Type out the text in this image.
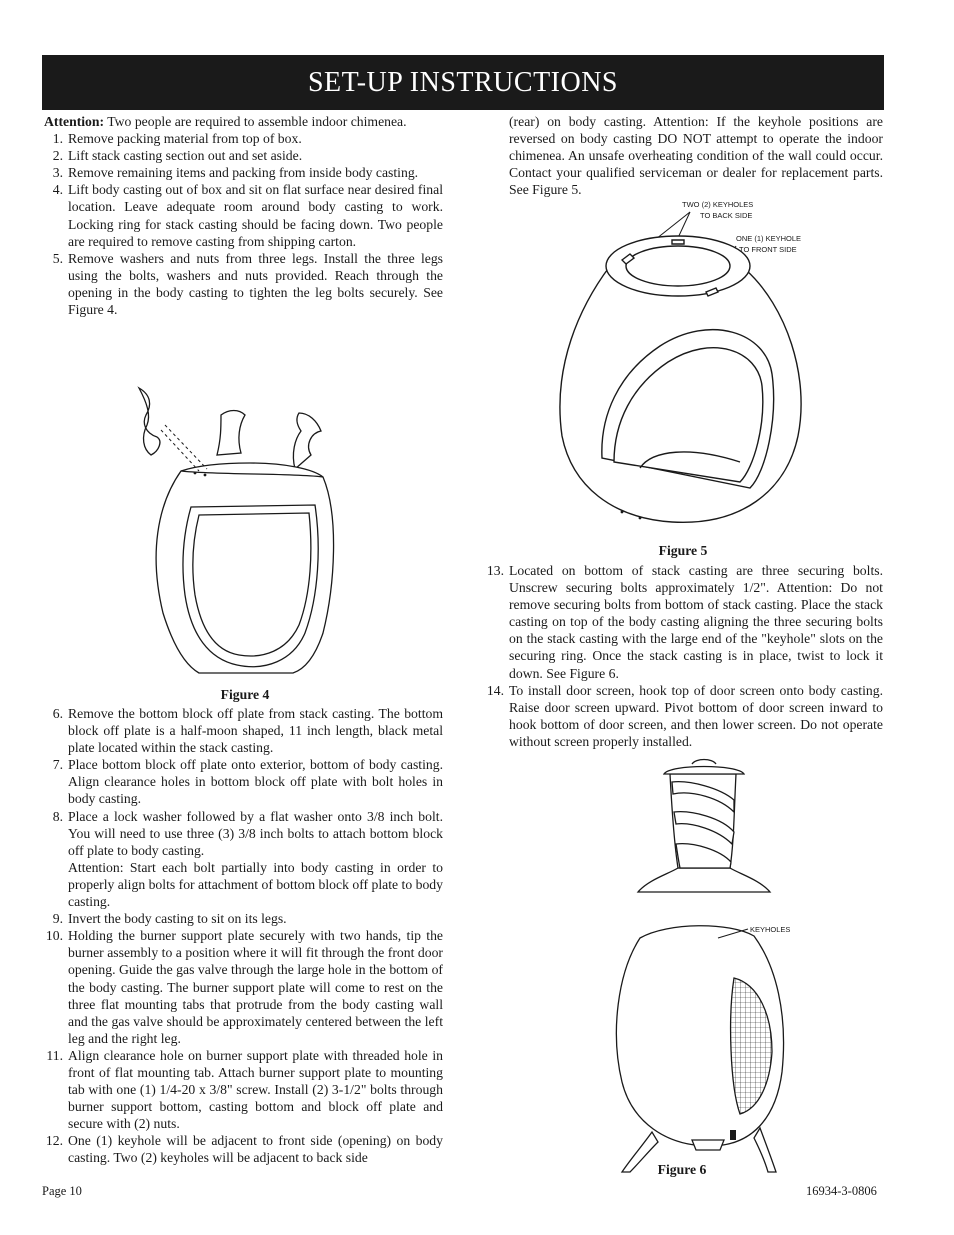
SET-UP INSTRUCTIONS

Attention: Two people are required to assemble indoor chimenea.

1. Remove packing material from top of box.
2. Lift stack casting section out and set aside.
3. Remove remaining items and packing from inside body casting.
4. Lift body casting out of box and sit on flat surface near desired final location. Leave adequate room around body casting to work. Locking ring for stack casting should be facing down. Two people are required to remove casting from shipping carton.
5. Remove washers and nuts from three legs. Install the three legs using the bolts, washers and nuts provided. Reach through the opening in the body casting to tighten the leg bolts securely. See Figure 4.
Figure 4
6. Remove the bottom block off plate from stack casting. The bottom block off plate is a half-moon shaped, 11 inch length, black metal plate located within the stack casting.
7. Place bottom block off plate onto exterior, bottom of body casting. Align clearance holes in bottom block off plate with bolt holes in body casting.
8. Place a lock washer followed by a flat washer onto 3/8 inch bolt. You will need to use three (3) 3/8 inch bolts to attach bottom block off plate to body casting.
Attention: Start each bolt partially into body casting in order to properly align bolts for attachment of bottom block off plate to body casting.
9. Invert the body casting to sit on its legs.
10. Holding the burner support plate securely with two hands, tip the burner assembly to a position where it will fit through the front door opening. Guide the gas valve through the large hole in the bottom of the body casting. The burner support plate will come to rest on the three flat mounting tabs that protrude from the body casting wall and the gas valve should be approximately centered between the left leg and the right leg.
11. Align clearance hole on burner support plate with threaded hole in front of flat mounting tab. Attach burner support plate to mounting tab with one (1) 1/4-20 x 3/8" screw. Install (2) 3-1/2" bolts through burner support bottom, casting bottom and block off plate and secure with (2) nuts.
12. One (1) keyhole will be adjacent to front side (opening) on body casting. Two (2) keyholes will be adjacent to back side

(rear) on body casting. Attention: If the keyhole positions are reversed on body casting DO NOT attempt to operate the indoor chimenea. An unsafe overheating condition of the wall could occur. Contact your qualified serviceman or dealer for replacement parts. See Figure 5.

TWO (2) KEYHOLES
TO BACK SIDE
ONE (1) KEYHOLE
TO FRONT SIDE
Figure 5
13. Located on bottom of stack casting are three securing bolts. Unscrew securing bolts approximately 1/2". Attention: Do not remove securing bolts from bottom of stack casting. Place the stack casting on top of the body casting aligning the three securing bolts on the stack casting with the large end of the "keyhole" slots on the securing ring. Once the stack casting is in place, twist to lock it down. See Figure 6.
14. To install door screen, hook top of door screen onto body casting. Raise door screen upward. Pivot bottom of door screen inward to hook bottom of door screen, and then lower screen. Do not operate without screen properly installed.
KEYHOLES
Figure 6
Page 10	16934-3-0806
